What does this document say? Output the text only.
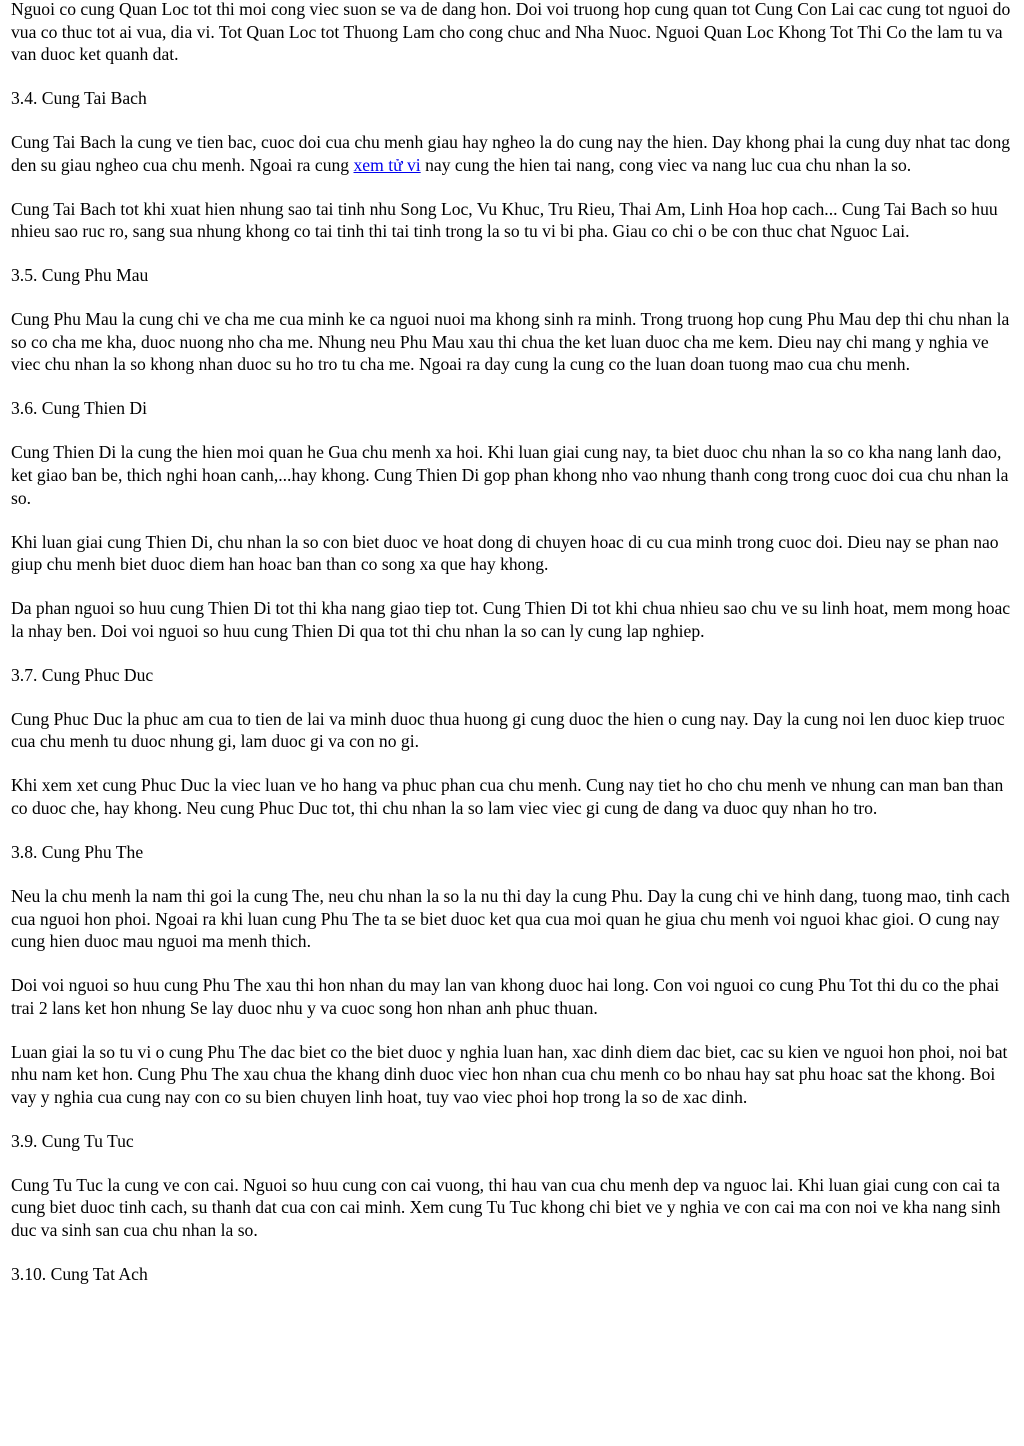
Nguoi co cung Quan Loc tot thi moi cong viec suon se va de dang hon. Doi voi truong hop cung quan tot Cung Con Lai cac cung tot nguoi do vua co thuc tot ai vua, dia vi. Tot Quan Loc tot Thuong Lam cho cong chuc and Nha Nuoc. Nguoi Quan Loc Khong Tot Thi Co the lam tu va van duoc ket quanh dat.

3.4. Cung Tai Bach

Cung Tai Bach la cung ve tien bac, cuoc doi cua chu menh giau hay ngheo la do cung nay the hien. Day khong phai la cung duy nhat tac dong den su giau ngheo cua chu menh. Ngoai ra cung xem tử vi nay cung the hien tai nang, cong viec va nang luc cua chu nhan la so.

Cung Tai Bach tot khi xuat hien nhung sao tai tinh nhu Song Loc, Vu Khuc, Tru Rieu, Thai Am, Linh Hoa hop cach... Cung Tai Bach so huu nhieu sao ruc ro, sang sua nhung khong co tai tinh thi tai tinh trong la so tu vi bi pha. Giau co chi o be con thuc chat Nguoc Lai.

3.5. Cung Phu Mau

Cung Phu Mau la cung chi ve cha me cua minh ke ca nguoi nuoi ma khong sinh ra minh. Trong truong hop cung Phu Mau dep thi chu nhan la so co cha me kha, duoc nuong nho cha me. Nhung neu Phu Mau xau thi chua the ket luan duoc cha me kem. Dieu nay chi mang y nghia ve viec chu nhan la so khong nhan duoc su ho tro tu cha me. Ngoai ra day cung la cung co the luan doan tuong mao cua chu menh.

3.6. Cung Thien Di

Cung Thien Di la cung the hien moi quan he Gua chu menh xa hoi. Khi luan giai cung nay, ta biet duoc chu nhan la so co kha nang lanh dao, ket giao ban be, thich nghi hoan canh,...hay khong. Cung Thien Di gop phan khong nho vao nhung thanh cong trong cuoc doi cua chu nhan la so.

Khi luan giai cung Thien Di, chu nhan la so con biet duoc ve hoat dong di chuyen hoac di cu cua minh trong cuoc doi. Dieu nay se phan nao giup chu menh biet duoc diem han hoac ban than co song xa que hay khong.

Da phan nguoi so huu cung Thien Di tot thi kha nang giao tiep tot. Cung Thien Di tot khi chua nhieu sao chu ve su linh hoat, mem mong hoac la nhay ben. Doi voi nguoi so huu cung Thien Di qua tot thi chu nhan la so can ly cung lap nghiep.

3.7. Cung Phuc Duc

Cung Phuc Duc la phuc am cua to tien de lai va minh duoc thua huong gi cung duoc the hien o cung nay. Day la cung noi len duoc kiep truoc cua chu menh tu duoc nhung gi, lam duoc gi va con no gi.

Khi xem xet cung Phuc Duc la viec luan ve ho hang va phuc phan cua chu menh. Cung nay tiet ho cho chu menh ve nhung can man ban than co duoc che, hay khong. Neu cung Phuc Duc tot, thi chu nhan la so lam viec viec gi cung de dang va duoc quy nhan ho tro.

3.8. Cung Phu The

Neu la chu menh la nam thi goi la cung The, neu chu nhan la so la nu thi day la cung Phu. Day la cung chi ve hinh dang, tuong mao, tinh cach cua nguoi hon phoi. Ngoai ra khi luan cung Phu The ta se biet duoc ket qua cua moi quan he giua chu menh voi nguoi khac gioi. O cung nay cung hien duoc mau nguoi ma menh thich.

Doi voi nguoi so huu cung Phu The xau thi hon nhan du may lan van khong duoc hai long. Con voi nguoi co cung Phu Tot thi du co the phai trai 2 lans ket hon nhung Se lay duoc nhu y va cuoc song hon nhan anh phuc thuan.

Luan giai la so tu vi o cung Phu The dac biet co the biet duoc y nghia luan han, xac dinh diem dac biet, cac su kien ve nguoi hon phoi, noi bat nhu nam ket hon. Cung Phu The xau chua the khang dinh duoc viec hon nhan cua chu menh co bo nhau hay sat phu hoac sat the khong. Boi vay y nghia cua cung nay con co su bien chuyen linh hoat, tuy vao viec phoi hop trong la so de xac dinh.

3.9. Cung Tu Tuc

Cung Tu Tuc la cung ve con cai. Nguoi so huu cung con cai vuong, thi hau van cua chu menh dep va nguoc lai. Khi luan giai cung con cai ta cung biet duoc tinh cach, su thanh dat cua con cai minh. Xem cung Tu Tuc khong chi biet ve y nghia ve con cai ma con noi ve kha nang sinh duc va sinh san cua chu nhan la so.

3.10. Cung Tat Ach
